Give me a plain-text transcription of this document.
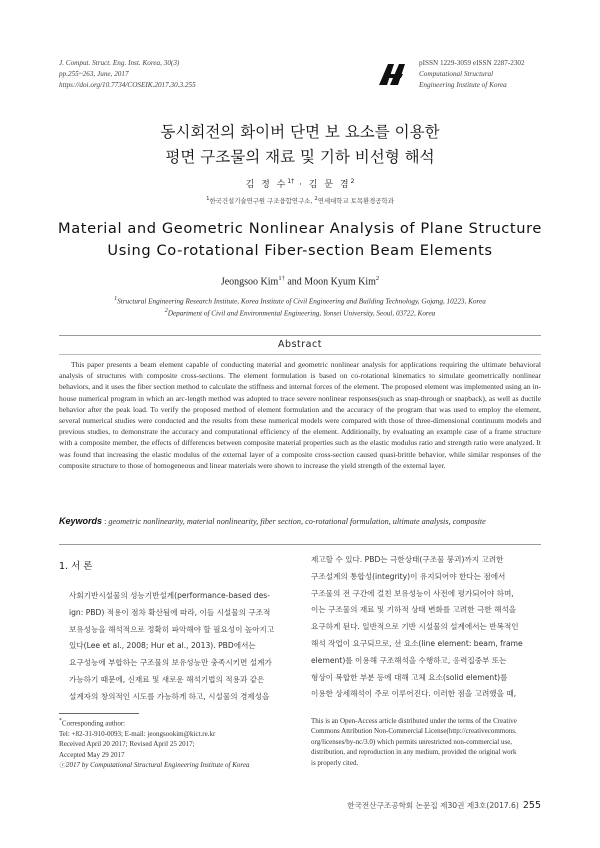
J. Comput. Struct. Eng. Inst. Korea, 30(3)
pp.255~263, June, 2017
https://doi.org/10.7734/COSEIK.2017.30.3.255
pISSN 1229-3059 eISSN 2287-2302
Computational Structural
Engineering Institute of Korea
동시회전의 화이버 단면 보 요소를 이용한
평면 구조물의 재료 및 기하 비선형 해석
김 정 수$^{1\dagger}$ · 김 문 겸$^2$
$^1$한국건설기술연구원 구조융합연구소, $^2$연세대학교 토목환경공학과
Material and Geometric Nonlinear Analysis of Plane Structure
Using Co-rotational Fiber-section Beam Elements
Jeongsoo Kim$^{1\dagger}$ and Moon Kyum Kim$^2$
$^1$Structural Engineering Research Institute, Korea Institute of Civil Engineering and Building Technology, Gojang, 10223, Korea
$^2$Department of Civil and Environmental Engineering, Yonsei University, Seoul, 03722, Korea
Abstract
This paper presents a beam element capable of conducting material and geometric nonlinear analysis for applications requiring the ultimate behavioral analysis of structures with composite cross-sections. The element formulation is based on co-rotational kinematics to simulate geometrically nonlinear behaviors, and it uses the fiber section method to calculate the stiffness and internal forces of the element. The proposed element was implemented using an in-house numerical program in which an arc-length method was adopted to trace severe nonlinear responses(such as snap-through or snapback), as well as ductile behavior after the peak load. To verify the proposed method of element formulation and the accuracy of the program that was used to employ the element, several numerical studies were conducted and the results from these numerical models were compared with those of three-dimensional continuum models and previous studies, to demonstrate the accuracy and computational efficiency of the element. Additionally, by evaluating an example case of a frame structure with a composite member, the effects of differences between composite material properties such as the elastic modulus ratio and strength ratio were analyzed. It was found that increasing the elastic modulus of the external layer of a composite cross-section caused quasi-brittle behavior, while similar responses of the composite structure to those of homogeneous and linear materials were shown to increase the yield strength of the external layer.
Keywords : geometric nonlinearity, material nonlinearity, fiber section, co-rotational formulation, ultimate analysis, composite
1. 서 론
사회기반시설물의 성능기반설계(performance-based des-
ign: PBD) 적용이 점차 확산됨에 따라, 이들 시설물의 구조적
보유성능을 해석적으로 정확히 파악해야 할 필요성이 높아지고
있다(Lee et al., 2008; Hur et al., 2013). PBD에서는
요구성능에 부합하는 구조물의 보유성능만 충족시키면 설계가
가능하기 때문에, 신재료 및 새로운 해석기법의 적용과 같은
설계자의 창의적인 시도를 가능하게 하고, 시설물의 경제성을
제고할 수 있다. PBD는 극한상태(구조물 붕괴)까지 고려한
구조설계의 통합성(integrity)이 유지되어야 한다는 점에서
구조물의 전 구간에 걸친 보유성능이 사전에 평가되어야 하며,
이는 구조물의 재료 및 기하적 상태 변화를 고려한 극한 해석을
요구하게 된다. 일반적으로 기반 시설물의 설계에서는 반복적인
해석 작업이 요구되므로, 선 요소(line element: beam, frame
element)를 이용해 구조해석을 수행하고, 응력집중부 또는
형상이 복합한 부분 등에 대해 고체 요소(solid element)를
이용한 상세해석이 주로 이루어진다. 이러한 점을 고려했을 때,
*Corresponding author:
Tel: +82-31-910-0093; E-mail: jeongsookim@kict.re.kr
Received April 20 2017; Revised April 25 2017;
Accepted May 29 2017
ⓒ2017 by Computational Structural Engineering Institute of Korea
This is an Open-Access article distributed under the terms of the Creative
Commons Attribution Non-Commercial License(http://creativecommons.
org/licenses/by-nc/3.0) which permits unrestricted non-commercial use,
distribution, and reproduction in any medium, provided the original work
is properly cited.
한국전산구조공학회 논문집 제30권 제3호(2017.6) 255
